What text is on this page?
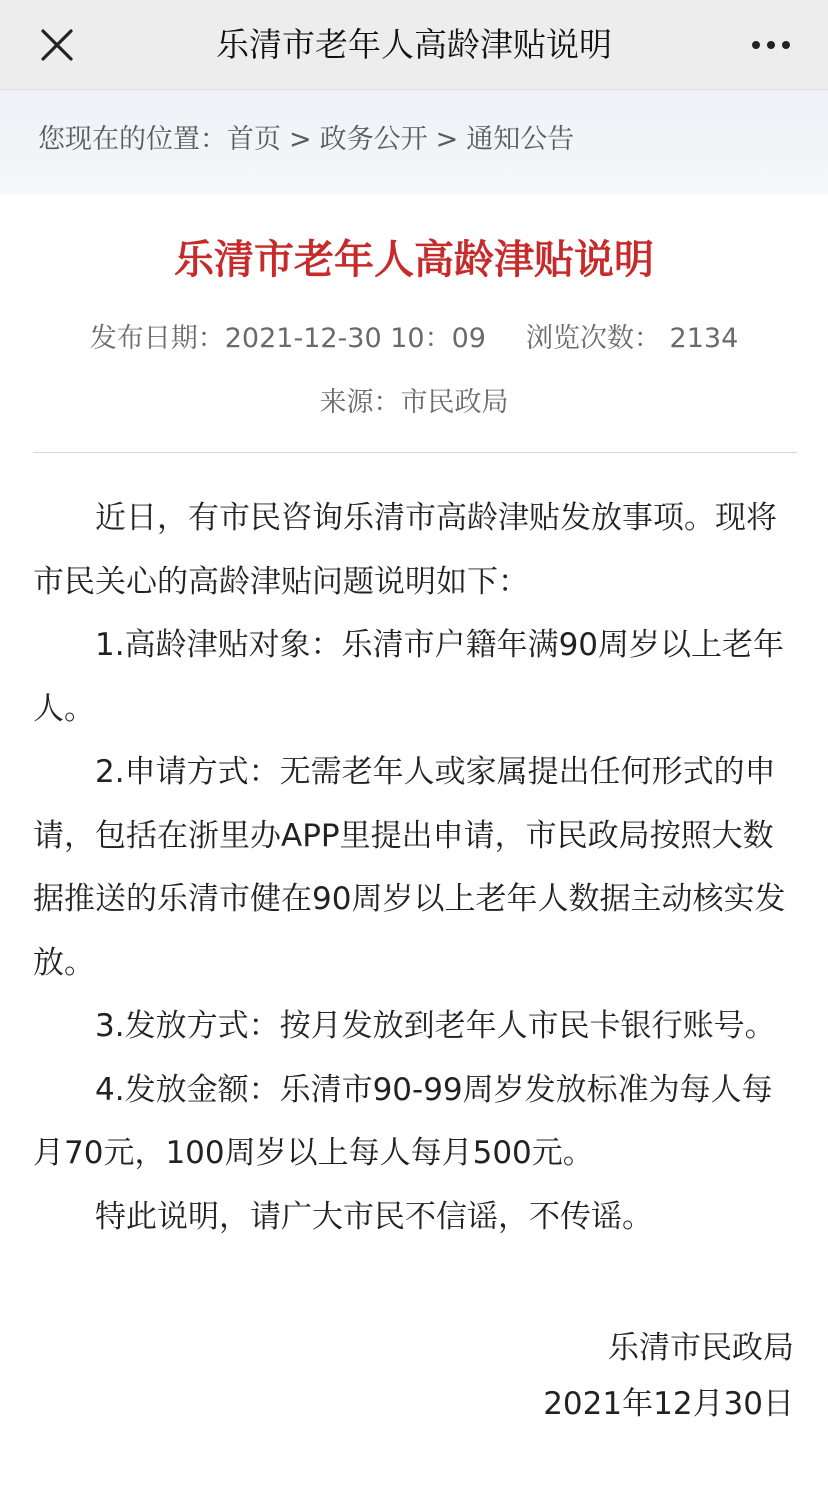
乐清市老年人高龄津贴说明
您现在的位置：首页 > 政务公开 > 通知公告
乐清市老年人高龄津贴说明
发布日期：2021-12-30 10：09 浏览次数： 2134
来源：市民政局

近日，有市民咨询乐清市高龄津贴发放事项。现将市民关心的高龄津贴问题说明如下：

1.高龄津贴对象：乐清市户籍年满90周岁以上老年人。

2.申请方式：无需老年人或家属提出任何形式的申请，包括在浙里办APP里提出申请，市民政局按照大数据推送的乐清市健在90周岁以上老年人数据主动核实发放。

3.发放方式：按月发放到老年人市民卡银行账号。

4.发放金额：乐清市90-99周岁发放标准为每人每月70元，100周岁以上每人每月500元。

特此说明，请广大市民不信谣，不传谣。

乐清市民政局
2021年12月30日
